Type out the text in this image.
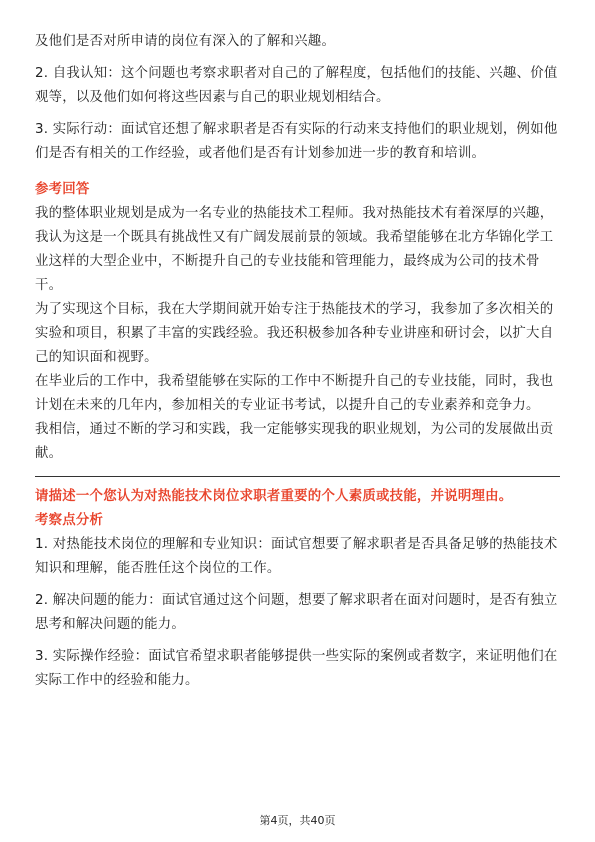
及他们是否对所申请的岗位有深入的了解和兴趣。

2. 自我认知：这个问题也考察求职者对自己的了解程度，包括他们的技能、兴趣、价值观等，以及他们如何将这些因素与自己的职业规划相结合。

3. 实际行动：面试官还想了解求职者是否有实际的行动来支持他们的职业规划，例如他们是否有相关的工作经验，或者他们是否有计划参加进一步的教育和培训。

参考回答

我的整体职业规划是成为一名专业的热能技术工程师。我对热能技术有着深厚的兴趣，我认为这是一个既具有挑战性又有广阔发展前景的领域。我希望能够在北方华锦化学工业这样的大型企业中，不断提升自己的专业技能和管理能力，最终成为公司的技术骨干。

为了实现这个目标，我在大学期间就开始专注于热能技术的学习，我参加了多次相关的实验和项目，积累了丰富的实践经验。我还积极参加各种专业讲座和研讨会，以扩大自己的知识面和视野。

在毕业后的工作中，我希望能够在实际的工作中不断提升自己的专业技能，同时，我也计划在未来的几年内，参加相关的专业证书考试，以提升自己的专业素养和竞争力。

我相信，通过不断的学习和实践，我一定能够实现我的职业规划，为公司的发展做出贡献。

请描述一个您认为对热能技术岗位求职者重要的个人素质或技能，并说明理由。

考察点分析

1. 对热能技术岗位的理解和专业知识：面试官想要了解求职者是否具备足够的热能技术知识和理解，能否胜任这个岗位的工作。

2. 解决问题的能力：面试官通过这个问题，想要了解求职者在面对问题时，是否有独立思考和解决问题的能力。

3. 实际操作经验：面试官希望求职者能够提供一些实际的案例或者数字，来证明他们在实际工作中的经验和能力。

第4页，共40页
